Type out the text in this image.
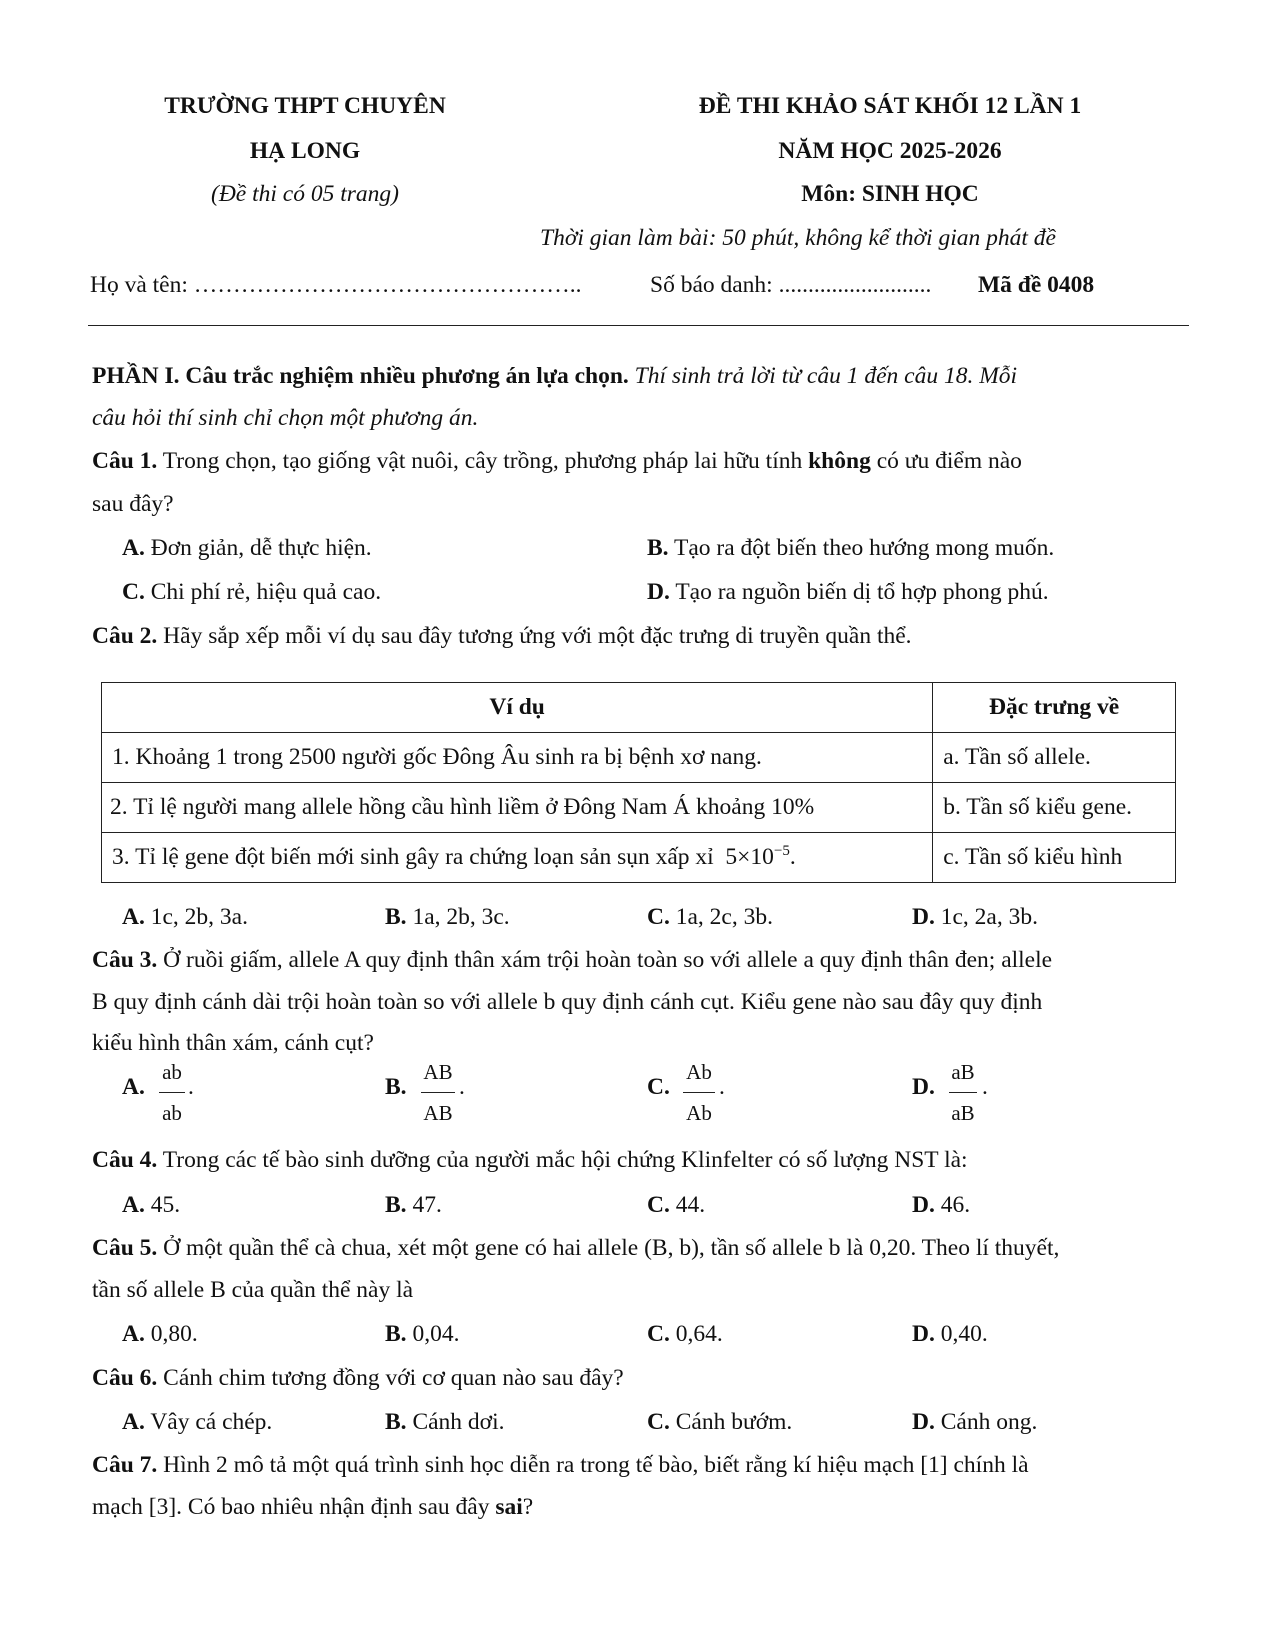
TRƯỜNG THPT CHUYÊN
HẠ LONG
(Đề thi có 05 trang)
ĐỀ THI KHẢO SÁT KHỐI 12 LẦN 1
NĂM HỌC 2025-2026
Môn: SINH HỌC
Thời gian làm bài: 50 phút, không kể thời gian phát đề
Họ và tên: …………………………………………..	Số báo danh: .......................... Mã đề 0408
PHẦN I. Câu trắc nghiệm nhiều phương án lựa chọn. Thí sinh trả lời từ câu 1 đến câu 18. Mỗi
câu hỏi thí sinh chỉ chọn một phương án.
Câu 1. Trong chọn, tạo giống vật nuôi, cây trồng, phương pháp lai hữu tính không có ưu điểm nào
sau đây?
A. Đơn giản, dễ thực hiện.	B. Tạo ra đột biến theo hướng mong muốn.
C. Chi phí rẻ, hiệu quả cao.	D. Tạo ra nguồn biến dị tổ hợp phong phú.
Câu 2. Hãy sắp xếp mỗi ví dụ sau đây tương ứng với một đặc trưng di truyền quần thể.
Ví dụ	Đặc trưng về
1. Khoảng 1 trong 2500 người gốc Đông Âu sinh ra bị bệnh xơ nang.	a. Tần số allele.
2. Tỉ lệ người mang allele hồng cầu hình liềm ở Đông Nam Á khoảng 10%	b. Tần số kiểu gene.
3. Tỉ lệ gene đột biến mới sinh gây ra chứng loạn sản sụn xấp xỉ $5\times 10^{-5}$.	c. Tần số kiểu hình
A. 1c, 2b, 3a.	B. 1a, 2b, 3c.	C. 1a, 2c, 3b.	D. 1c, 2a, 3b.
Câu 3. Ở ruồi giấm, allele A quy định thân xám trội hoàn toàn so với allele a quy định thân đen; allele
B quy định cánh dài trội hoàn toàn so với allele b quy định cánh cụt. Kiểu gene nào sau đây quy định
kiểu hình thân xám, cánh cụt?
A.
ab
ab
.	B.
AB
AB
.	C.
Ab
Ab
.	D.
aB
aB
.
Câu 4. Trong các tế bào sinh dưỡng của người mắc hội chứng Klinfelter có số lượng NST là:
A. 45.	B. 47.	C. 44.	D. 46.
Câu 5. Ở một quần thể cà chua, xét một gene có hai allele (B, b), tần số allele b là 0,20. Theo lí thuyết,
tần số allele B của quần thể này là
A. 0,80.	B. 0,04.	C. 0,64.	D. 0,40.
Câu 6. Cánh chim tương đồng với cơ quan nào sau đây?
A. Vây cá chép.	B. Cánh dơi.	C. Cánh bướm.	D. Cánh ong.
Câu 7. Hình 2 mô tả một quá trình sinh học diễn ra trong tế bào, biết rằng kí hiệu mạch [1] chính là
mạch [3]. Có bao nhiêu nhận định sau đây sai?
